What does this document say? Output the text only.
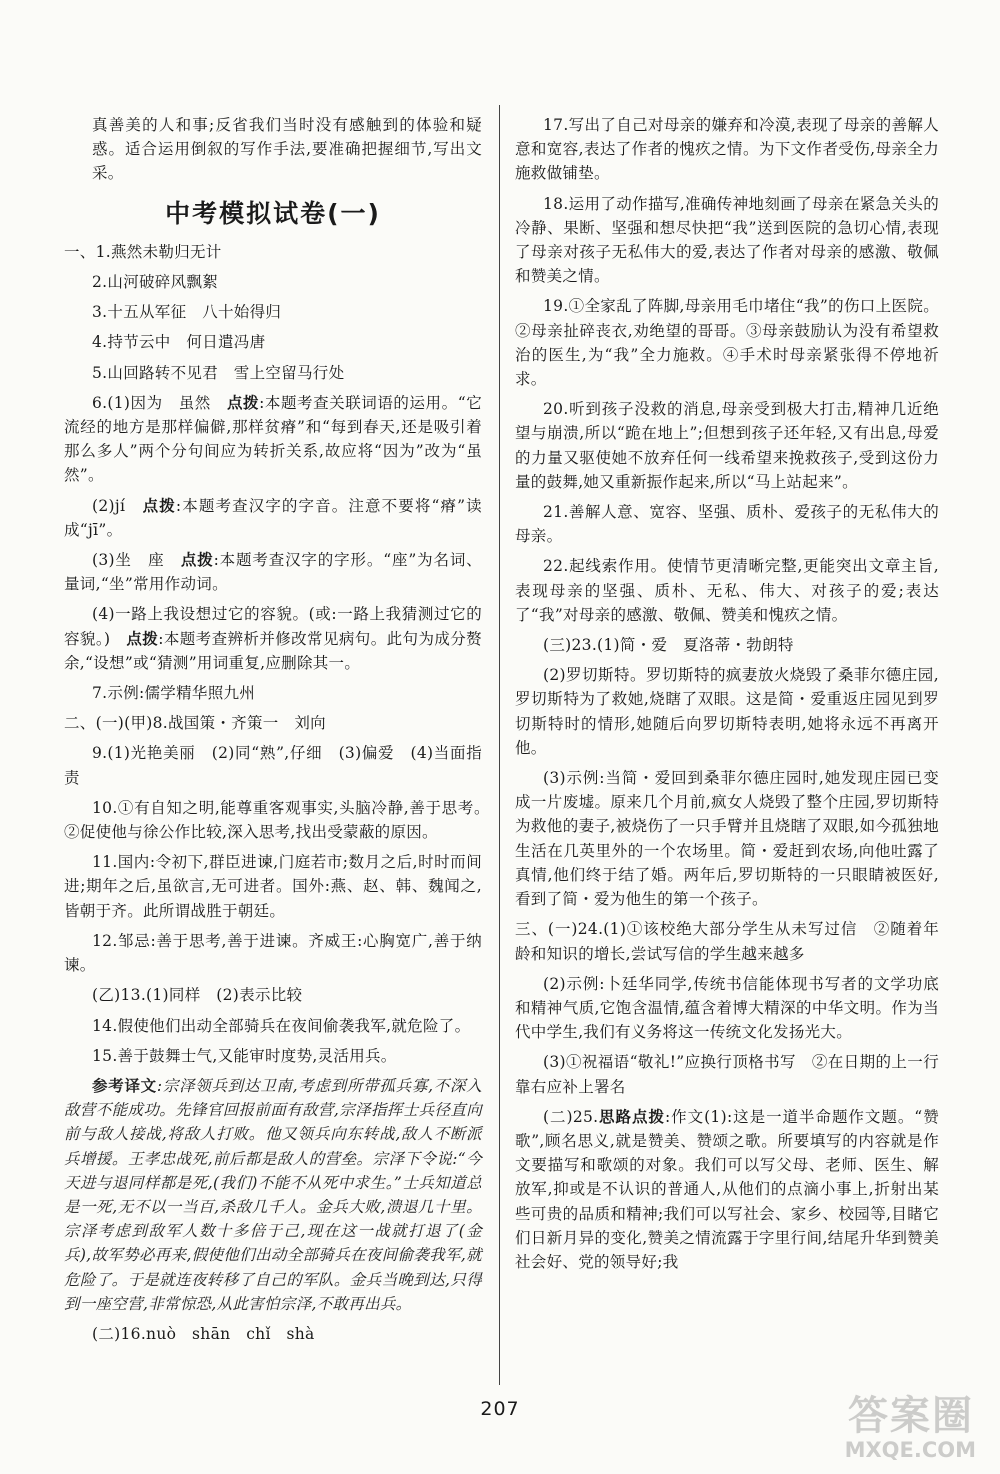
真善美的人和事;反省我们当时没有感触到的体验和疑惑。适合运用倒叙的写作手法,要准确把握细节,写出文采。

中考模拟试卷(一)
一、1.燕然未勒归无计
2.山河破碎风飘絮
3.十五从军征　八十始得归
4.持节云中　何日遣冯唐
5.山回路转不见君　雪上空留马行处
6.(1)因为　虽然　点拨:本题考查关联词语的运用。“它流经的地方是那样偏僻,那样贫瘠”和“每到春天,还是吸引着那么多人”两个分句间应为转折关系,故应将“因为”改为“虽然”。
(2)jí　点拨:本题考查汉字的字音。注意不要将“瘠”读成“jī”。
(3)坐　座　点拨:本题考查汉字的字形。“座”为名词、量词,“坐”常用作动词。
(4)一路上我设想过它的容貌。(或:一路上我猜测过它的容貌。)　点拨:本题考查辨析并修改常见病句。此句为成分赘余,“设想”或“猜测”用词重复,应删除其一。
7.示例:儒学精华照九州
二、(一)(甲)8.战国策・齐策一　刘向
9.(1)光艳美丽　(2)同“熟”,仔细　(3)偏爱　(4)当面指责
10.①有自知之明,能尊重客观事实,头脑冷静,善于思考。　②促使他与徐公作比较,深入思考,找出受蒙蔽的原因。
11.国内:令初下,群臣进谏,门庭若市;数月之后,时时而间进;期年之后,虽欲言,无可进者。国外:燕、赵、韩、魏闻之,皆朝于齐。此所谓战胜于朝廷。
12.邹忌:善于思考,善于进谏。齐威王:心胸宽广,善于纳谏。
(乙)13.(1)同样　(2)表示比较
14.假使他们出动全部骑兵在夜间偷袭我军,就危险了。
15.善于鼓舞士气,又能审时度势,灵活用兵。
参考译文:宗泽领兵到达卫南,考虑到所带孤兵寡,不深入敌营不能成功。先锋官回报前面有敌营,宗泽指挥士兵径直向前与敌人接战,将敌人打败。他又领兵向东转战,敌人不断派兵增援。王孝忠战死,前后都是敌人的营垒。宗泽下令说:“今天进与退同样都是死,(我们)不能不从死中求生。”士兵知道总是一死,无不以一当百,杀敌几千人。金兵大败,溃退几十里。宗泽考虑到敌军人数十多倍于己,现在这一战就打退了(金兵),故军势必再来,假使他们出动全部骑兵在夜间偷袭我军,就危险了。于是就连夜转移了自己的军队。金兵当晚到达,只得到一座空营,非常惊恐,从此害怕宗泽,不敢再出兵。
(二)16.nuò　shān　chǐ　shà
17.写出了自己对母亲的嫌弃和冷漠,表现了母亲的善解人意和宽容,表达了作者的愧疚之情。为下文作者受伤,母亲全力施救做铺垫。
18.运用了动作描写,准确传神地刻画了母亲在紧急关头的冷静、果断、坚强和想尽快把“我”送到医院的急切心情,表现了母亲对孩子无私伟大的爱,表达了作者对母亲的感激、敬佩和赞美之情。
19.①全家乱了阵脚,母亲用毛巾堵住“我”的伤口上医院。②母亲扯碎丧衣,劝绝望的哥哥。③母亲鼓励认为没有希望救治的医生,为“我”全力施救。④手术时母亲紧张得不停地祈求。
20.听到孩子没救的消息,母亲受到极大打击,精神几近绝望与崩溃,所以“跪在地上”;但想到孩子还年轻,又有出息,母爱的力量又驱使她不放弃任何一线希望来挽救孩子,受到这份力量的鼓舞,她又重新振作起来,所以“马上站起来”。
21.善解人意、宽容、坚强、质朴、爱孩子的无私伟大的母亲。
22.起线索作用。使情节更清晰完整,更能突出文章主旨,表现母亲的坚强、质朴、无私、伟大、对孩子的爱;表达了“我”对母亲的感激、敬佩、赞美和愧疚之情。
(三)23.(1)简・爱　夏洛蒂・勃朗特
(2)罗切斯特。罗切斯特的疯妻放火烧毁了桑菲尔德庄园,罗切斯特为了救她,烧瞎了双眼。这是简・爱重返庄园见到罗切斯特时的情形,她随后向罗切斯特表明,她将永远不再离开他。
(3)示例:当简・爱回到桑菲尔德庄园时,她发现庄园已变成一片废墟。原来几个月前,疯女人烧毁了整个庄园,罗切斯特为救他的妻子,被烧伤了一只手臂并且烧瞎了双眼,如今孤独地生活在几英里外的一个农场里。简・爱赶到农场,向他吐露了真情,他们终于结了婚。两年后,罗切斯特的一只眼睛被医好,看到了简・爱为他生的第一个孩子。
三、(一)24.(1)①该校绝大部分学生从未写过信　②随着年龄和知识的增长,尝试写信的学生越来越多
(2)示例:卜廷华同学,传统书信能体现书写者的文学功底和精神气质,它饱含温情,蕴含着博大精深的中华文明。作为当代中学生,我们有义务将这一传统文化发扬光大。
(3)①祝福语“敬礼!”应换行顶格书写　②在日期的上一行靠右应补上署名
(二)25.思路点拨:作文(1):这是一道半命题作文题。“赞歌”,顾名思义,就是赞美、赞颂之歌。所要填写的内容就是作文要描写和歌颂的对象。我们可以写父母、老师、医生、解放军,抑或是不认识的普通人,从他们的点滴小事上,折射出某些可贵的品质和精神;我们可以写社会、家乡、校园等,目睹它们日新月异的变化,赞美之情流露于字里行间,结尾升华到赞美社会好、党的领导好;我
207	答案圈
MXQE.COM
